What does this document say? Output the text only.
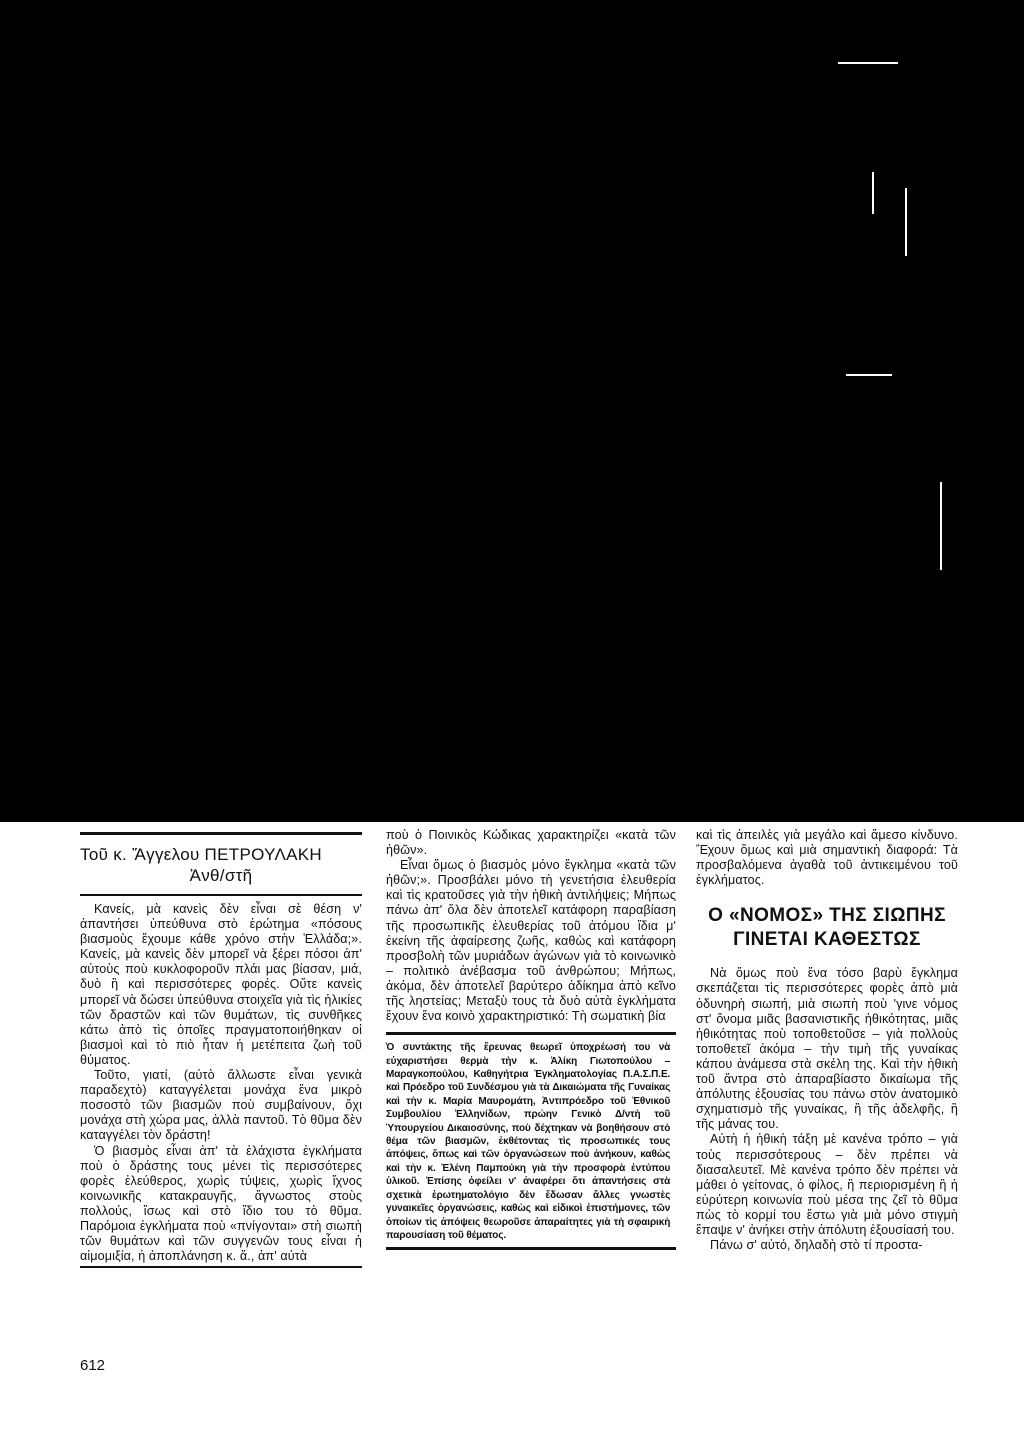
Τοῦ κ. Ἄγγελου ΠΕΤΡΟΥΛΑΚΗ
Ἀνθ/στῆ

Κανείς, μὰ κανεὶς δὲν εἶναι σὲ θέση ν' ἀπαντήσει ὑπεύθυνα στὸ ἐρώτημα «πόσους βιασμοὺς ἔχουμε κάθε χρόνο στὴν Ἑλλάδα;». Κανείς, μὰ κανεὶς δὲν μπορεῖ νὰ ξέρει πόσοι ἀπ' αὐτοὺς ποὺ κυκλοφοροῦν πλάι μας βίασαν, μιά, δυὸ ἢ καὶ περισσότερες φορές. Οὔτε κανεὶς μπορεῖ νὰ δώσει ὑπεύθυνα στοιχεῖα γιὰ τὶς ἡλικίες τῶν δραστῶν καὶ τῶν θυμάτων, τὶς συνθῆκες κάτω ἀπὸ τὶς ὁποῖες πραγματοποιήθηκαν οἱ βιασμοὶ καὶ τὸ πιὸ ἦταν ἡ μετέπειτα ζωὴ τοῦ θύματος.

Τοῦτο, γιατί, (αὐτὸ ἄλλωστε εἶναι γενικὰ παραδεχτὸ) καταγγέλεται μονάχα ἕνα μικρὸ ποσοστὸ τῶν βιασμῶν ποὺ συμβαίνουν, ὄχι μονάχα στὴ χώρα μας, ἀλλὰ παντοῦ. Τὸ θῦμα δὲν καταγγέλει τὸν δράστη!

Ὁ βιασμὸς εἶναι ἀπ' τὰ ἐλάχιστα ἐγκλήματα ποὺ ὁ δράστης τους μένει τὶς περισσότερες φορὲς ἐλεύθερος, χωρὶς τύψεις, χωρὶς ἴχνος κοινωνικῆς κατακραυγῆς, ἄγνωστος στοὺς πολλούς, ἴσως καὶ στὸ ἴδιο του τὸ θῦμα. Παρόμοια ἐγκλήματα ποὺ «πνίγονται» στὴ σιωπὴ τῶν θυμάτων καὶ τῶν συγγενῶν τους εἶναι ἡ αἱμομιξία, ἡ ἀποπλάνηση κ. ἄ., ἀπ' αὐτὰ

ποὺ ὁ Ποινικὸς Κώδικας χαρακτηρίζει «κατὰ τῶν ἠθῶν».

Εἶναι ὅμως ὁ βιασμὸς μόνο ἔγκλημα «κατὰ τῶν ἠθῶν;». Προσβάλει μόνο τὴ γενετήσια ἐλευθερία καὶ τὶς κρατοῦσες γιὰ τὴν ἠθικὴ ἀντιλήψεις; Μήπως πάνω ἀπ' ὅλα δὲν ἀποτελεῖ κατάφορη παραβίαση τῆς προσωπικῆς ἐλευθερίας τοῦ ἀτόμου ἴδια μ' ἐκείνη τῆς ἀφαίρεσης ζωῆς, καθὼς καὶ κατάφορη προσβολὴ τῶν μυριάδων ἀγώνων γιὰ τὸ κοινωνικὸ – πολιτικὸ ἀνέβασμα τοῦ ἀνθρώπου; Μήπως, ἀκόμα, δὲν ἀποτελεῖ βαρύτερο ἀδίκημα ἀπὸ κεῖνο τῆς ληστείας; Μεταξὺ τους τὰ δυὸ αὐτὰ ἐγκλήματα ἔχουν ἕνα κοινὸ χαρακτηριστικό: Τὴ σωματικὴ βία

Ὁ συντάκτης τῆς ἔρευνας θεωρεῖ ὑποχρέωσή του νὰ εὐχαριστήσει θερμὰ τὴν κ. Ἀλίκη Γιωτοπούλου – Μαραγκοπούλου, Καθηγήτρια Ἐγκληματολογίας Π.Α.Σ.Π.Ε. καὶ Πρόεδρο τοῦ Συνδέσμου γιὰ τὰ Δικαιώματα τῆς Γυναίκας καὶ τὴν κ. Μαρία Μαυρομάτη, Ἀντιπρόεδρο τοῦ Ἐθνικοῦ Συμβουλίου Ἑλληνίδων, πρώην Γενικὸ Δ/ντὴ τοῦ Ὑπουργείου Δικαιοσύνης, ποὺ δέχτηκαν νὰ βοηθήσουν στὸ θέμα τῶν βιασμῶν, ἐκθέτοντας τὶς προσωπικές τους ἀπόψεις, ὅπως καὶ τῶν ὀργανώσεων ποὺ ἀνήκουν, καθὼς καὶ τὴν κ. Ἑλένη Παμπούκη γιὰ τὴν προσφορὰ ἐντύπου ὑλικοῦ. Ἐπίσης ὀφείλει ν' ἀναφέρει ὅτι ἀπαντήσεις στὰ σχετικὰ ἐρωτηματολόγιο δὲν ἔδωσαν ἄλλες γνωστὲς γυναικεῖες ὀργανώσεις, καθὼς καὶ εἰδικοὶ ἐπιστήμονες, τῶν ὁποίων τὶς ἀπόψεις θεωροῦσε ἀπαραίτητες γιὰ τὴ σφαιρικὴ παρουσίαση τοῦ θέματος.

καὶ τὶς ἀπειλὲς γιὰ μεγάλο καὶ ἄμεσο κίνδυνο. Ἔχουν ὅμως καὶ μιὰ σημαντικὴ διαφορά: Τὰ προσβαλόμενα ἀγαθὰ τοῦ ἀντικειμένου τοῦ ἐγκλήματος.

Ο «ΝΟΜΟΣ» ΤΗΣ ΣΙΩΠΗΣ
ΓΙΝΕΤΑΙ ΚΑΘΕΣΤΩΣ

Νὰ ὅμως ποὺ ἕνα τόσο βαρὺ ἔγκλημα σκεπάζεται τὶς περισσότερες φορὲς ἀπὸ μιὰ ὀδυνηρὴ σιωπή, μιὰ σιωπὴ ποὺ 'γινε νόμος στ' ὄνομα μιᾶς βασανιστικῆς ἠθικότητας, μιᾶς ἠθικότητας ποὺ τοποθετοῦσε – γιὰ πολλοὺς τοποθετεῖ ἀκόμα – τὴν τιμὴ τῆς γυναίκας κάπου ἀνάμεσα στὰ σκέλη της. Καὶ τὴν ἠθικὴ τοῦ ἄντρα στὸ ἀπαραβίαστο δικαίωμα τῆς ἀπόλυτης ἐξουσίας του πάνω στὸν ἀνατομικὸ σχηματισμὸ τῆς γυναίκας, ἢ τῆς ἀδελφῆς, ἢ τῆς μάνας του.

Αὐτὴ ἡ ἠθικὴ τάξη μὲ κανένα τρόπο – γιὰ τοὺς περισσότερους – δὲν πρέπει νὰ διασαλευτεῖ. Μὲ κανένα τρόπο δὲν πρέπει νὰ μάθει ὁ γείτονας, ὁ φίλος, ἢ περιορισμένη ἢ ἡ εὐρύτερη κοινωνία ποὺ μέσα της ζεῖ τὸ θῦμα πὼς τὸ κορμί του ἔστω γιὰ μιὰ μόνο στιγμὴ ἔπαψε ν' ἀνήκει στὴν ἀπόλυτη ἐξουσίασή του.

Πάνω σ' αὐτό, δηλαδὴ στὸ τί προστα-

612
